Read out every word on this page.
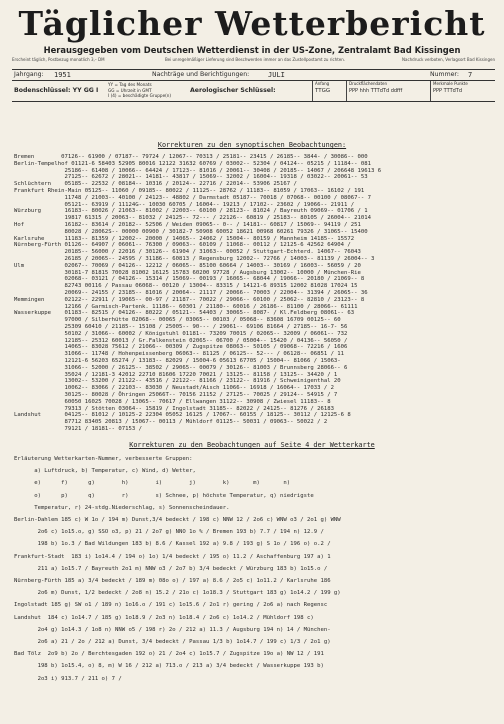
Täglicher Wetterbericht
Herausgegeben vom Deutschen Wetterdienst in der US-Zone, Zentralamt Bad Kissingen
Erscheint täglich, Postbezug monatlich 3,– DM	Bei unregelmäßiger Lieferung sind Beschwerden immer an das Zustellpostamt zu richten.	Nachdruck verboten, Verlagsort Bad Kissingen
Jahrgang: 1951	Nachträge und Berichtigungen:	JULI	Nummer: 7
Bodenschlüssel: YY GG I
YY = Tag des Monats
GG = Uhrzeit in GMT
I (4) = beschädigte Gruppe(n)
Aerologischer Schlüssel:
Anfang
TTGG
Druckflächendaten
PPP hhh TTTdTd ddfff
Merkmale Punkte
PPP TTTdTd
Korrekturen zu den synoptischen Beobachtungen:
Bremen        07126-- 61900 / 07187-- 79724 / 12067-- 70313 / 25181-- 23415 / 26185-- 3844- / 30086-- 000
Berlin-Tempelhof 01121-6 58403 52905 80016 12122 31632 60769 / 03002-- 52304 / 04124-- 05215 / 11184-- 081
25186-- 61408 / 10066-- 64424 / 17123-- 81016 / 20061-- 30408 / 20185-- 14067 / 206648 19613 6
27125-- 62672 / 28021-- 14181-- 43817 / 15069-- 32002 / 16004-- 19318 / 03022-- 20061-- 53
Schlüchtern    05185-- 22532 / 08184-- 10316 / 20124-- 22716 / 22014-- 53906 25167 /
Frankfurt Rhein-Main 05125-- 11060 / 09185-- 80022 / 11125-- 28762 / 11183-- 81059 / 17063-- 16102 / 191
11748 / 21003-- 40100 / 24123-- 48802 / Darmstadt 05187-- 70018 / 07068-- 00100 / 08067-- 7
05121-- 63919 / 11124G-- 10030 60705 / 16004-- 19213 / 17102-- 23602 / 19066-- 21911 /
Würzburg       16183-- 80026 / 21063-- 81002 / 22003-- 60100 / 28123-- 81024 / Bayreuth 09069-- 01706 / 1
19817 61315 / 20063-- 81032 / 24125-- 72--- / 22126-- 60819 / 25183-- 80105 / 26004-- 21014
Hof            16182-- 83614 / 20182-- 52506 / Weiden 09065-- 0-- / 14181-- 60817 / 15069-- 94119 / 251
80028 / 28062S-- 00000 00900 / 30182-7 50908 60052 18621 00968 60261 79326 / 31065-- 15400
Karlsruhe      11183-- 81359 / 12002-- 20000 / 14065-- 24062 / 15004-- 80159 / Mannheim 14185-- 15572
Nürnberg-Fürth 01126-- 64907 / 06061-- 76300 / 09063-- 60109 / 11068-- 00112 / 12125-6 42562 64904 /
20185-- 56000 / 22016 / 30126-- 61904 / 31063-- 00052 / Stuttgart-Echterd. 14067-- 76043
26185 / 20065-- 24595 / 31186-- 60813 / Regensburg 12002-- 72766 / 14003-- 81139 / 26004-- 3
Ulm            02067-- 70069 / 04126-- 12212 / 06065-- 85100 60664 / 14003-- 30169 / 16003-- 56059 / 20
30181-7 81815 70028 81002 16125 15783 60200 97728 / Augsburg 13002-- 10000 / München-Rie
02068-- 03121 / 04126-- 15314 / 15069-- 00193 / 16065-- 68044 / 19066-- 20180 / 21069-- 8
82743 00116 / Passau 06068-- 00120 / 13004-- 83315 / 14121-6 89315 12002 81028 17024 15
20069-- 24155 / 23185-- 81016 / 20064-- 21117 / 20066-- 70003 / 22004-- 31394 / 26065-- 36
Memmingen      02122-- 22911 / 19065-- 00-97 / 21187-- 70022 / 29066-- 60100 / 25062-- 82810 / 23123-- 8
12166 / Garmisch-Partenk. 11186-- 60301 / 21180-- 60016 / 26186-- 81100 / 28066-- 61111
Wasserkuppe    01183-- 82515 / 04126-- 80222 / 05121-- 54403 / 30065-- 8087- / Kl.Feldberg 08061-- 63
97000 / Silberhütte 02068-- 00065 / 03065-- 00103 / 05068-- 83608 16709 00125-- 60
25309 60410 / 21185-- 15108 / 25005-- 90--- / 29061-- 69106 81664 / 27185-- 16-7- 56
50102 / 31066-- 60002 / Königstuhl 01181-- 73209 70015 / 02065-- 32009 / 06061-- 732
12185-- 25312 60013 / Gr.Falkenstein 02065-- 06700 / 05004-- 15420 / 04136-- 56050 /
14065-- 83028 75612 / 21066-- 00309 / Zugspitze 08063-- 50105 / 09068-- 72216 / 1606
31066-- 11748 / Hohenpeissenberg 06063-- 81125 / 06125-- 52--- / 06128-- 06851 / 11
12121-6 56203 65274 / 13183-- 82029 / 15004-6 05613 67705 / 15004-- 81066 / 15063-
31066-- 52000 / 26125-- 38502 / 29065-- 00079 / 30126-- 81003 / Brunnsberg 28066-- 6
35024 / 12181-3 42012 22710 81606 17220 70021 / 13125-- 81158 / 13125-- 34420 / 1
13002-- 53200 / 21122-- 43516 / 22122-- 81166 / 23122-- 81916 / Schweinigenthal 20
10062-- 83066 / 22103-- 83030 / Neustadt/Aisch 11066-- 16918 / 16064-- 17033 / 2
30125-- 80028 / Öhringen 25066T-- 70156 21152 / 27125-- 70025 / 29124-- 54915 / 7
60050 16025 70028 / 13065-- 70617 / Ellwangen 31122-- 30908 / Zwiesel 11183-- 8
79313 / Stötten 03064-- 15819 / Ingolstadt 31185-- 82022 / 24125-- 81276 / 26183
Landshut       04125-- 81012 / 10125-2 22304 05052 16125 / 17067-- 60155 / 18125-- 30112 / 12125-6 8
87712 83405 20813 / 15067-- 00113 / Mühldorf 01125-- 50031 / 09063-- 50022 / 2
79121 / 18181-- 07153 /
Korrekturen zu den Beobachtungen auf Seite 4 der Wetterkarte
Erläuterung Wetterkarten-Nummer, verbesserte Gruppen:
a) Luftdruck, b) Temperatur, c) Wind, d) Wetter,
e)      f)      g)        h)        i)        j)        k)       m)       n)
o)      p)      q)        r)        s) Schnee, p) höchste Temperatur, q) niedrigste
Temperatur, r) 24-stdg.Niederschlag, s) Sonnenscheindauer.
Berlin-Dahlem 185 c) W 1o / 194 m) Dunst,3/4 bedeckt / 198 c) NNW 12 / 2o6 c) WNW o3 / 2o1 g) WNW
2o6 c) 1o15.o, g) SSO o3, p) 21 / 2o7 g) NNO 1o % / Bremen 193 b) 7.7 / 194 n) 12.9 /
198 b) 1o.3 / Bad Wildungen 183 b) 8.6 / Kassel 192 a) 9.8 / 193 g) S 1o / 196 o) o.2 /
Frankfurt-Stadt  183 i) 1o14.4 / 194 o) 1o) 1/4 bedeckt / 195 o) 11.2 / Aschaffenburg 197 a) 1
211 a) 1o15.7 / Bayreuth 2o1 m) NNW o3 / 2o7 b) 3/4 bedeckt / Würzburg 183 b) 1o15.o /
Nürnberg-Fürth 185 a) 3/4 bedeckt / 189 m) 08o o) / 197 a) 8.6 / 2o5 c) 1o11.2 / Karlsruhe 186
2o6 m) Dunst, 1/2 bedeckt / 2o8 n) 15.2 / 21o c) 1o18.3 / Stuttgart 183 g) 1o14.2 / 199 g)
Ingolstadt 185 g) SW o1 / 189 n) 1o16.o / 191 c) 1o15.6 / 2o1 r) gering / 2o6 a) nach Regensc
Landshut  184 c) 1o14.7 / 185 g) 1o18.9 / 2o3 n) 1o18.4 / 2o6 c) 1o14.2 / Mühldorf 198 c)
2o4 g) 1o14.3 / 1o8 n) NNW o5 / 198 r) 2o / 212 a) 11.3 / Augsburg 194 n) 14 / München-
2o6 a) 21 / 2o / 212 a) Dunst, 3/4 bedeckt / Passau 1/3 b) 1o14.7 / 199 c) 1/3 / 2o1 g)
Bad Tölz  2o9 b) 2o / Berchtesgaden 192 o) 21 / 2o4 c) 1o15.7 / Zugspitze 19o a) NW 12 / 191
198 b) 1o15.4, o) 8, m) W 16 / 212 a) 713.o / 213 a) 3/4 bedeckt / Wasserkuppe 193 b)
2o3 i) 913.7 / 211 o) 7 /
